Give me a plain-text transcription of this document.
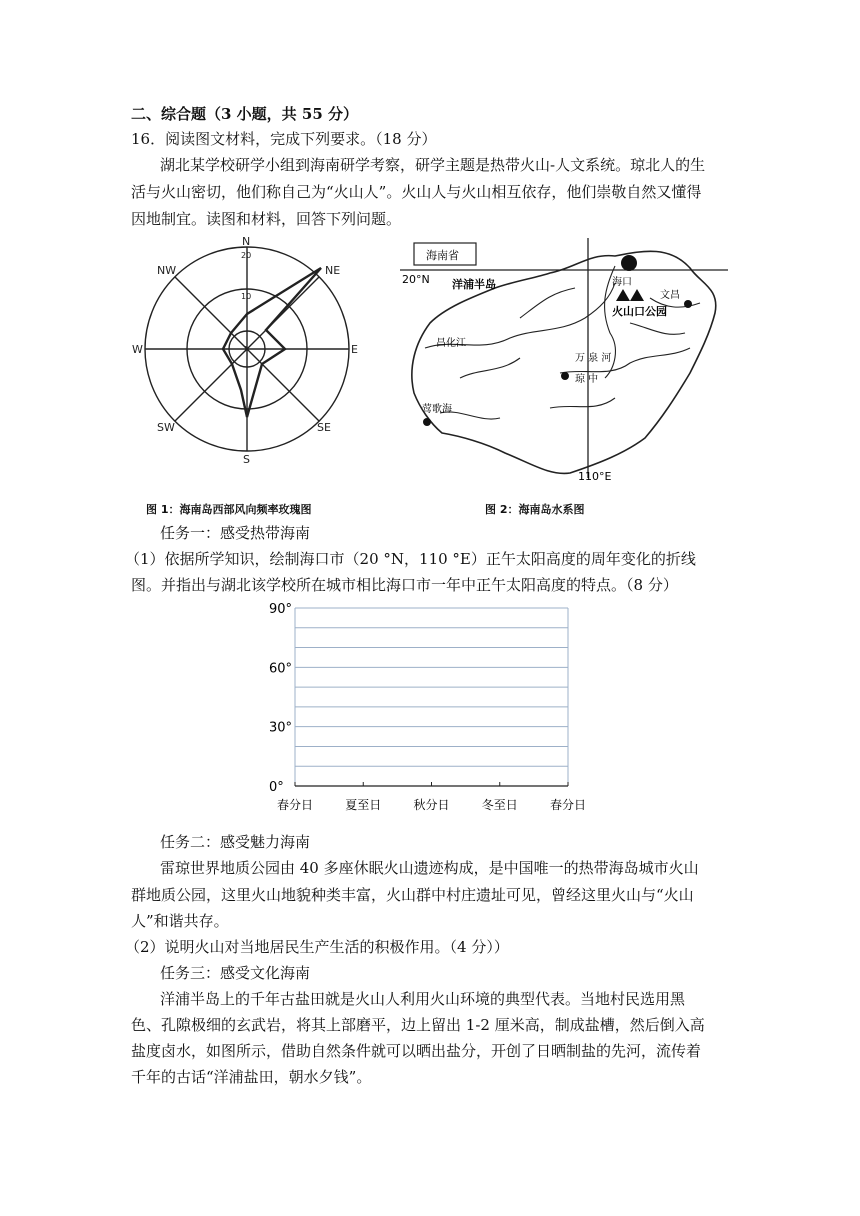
二、综合题（3 小题，共 55 分）
16．阅读图文材料，完成下列要求。（18 分）
湖北某学校研学小组到海南研学考察，研学主题是热带火山-人文系统。琼北人的生
活与火山密切，他们称自己为“火山人”。火山人与火山相互依存，他们崇敬自然又懂得
因地制宜。读图和材料，回答下列问题。
N
NE
E
SE
S
SW
W
NW
20
10
7
海南省
20°N
110°E
海口
火山口公园
文昌
洋浦半岛
昌化江
万 泉 河
琼 中
莺歌海
图 1：海南岛西部风向频率玫瑰图	图 2：海南岛水系图
任务一：感受热带海南
（1）依据所学知识，绘制海口市（20 °N，110 °E）正午太阳高度的周年变化的折线
图。并指出与湖北该学校所在城市相比海口市一年中正午太阳高度的特点。（8 分）
90°
60°
30°
0°
春分日	夏至日	秋分日	冬至日	春分日
任务二：感受魅力海南
雷琼世界地质公园由 40 多座休眠火山遗迹构成，是中国唯一的热带海岛城市火山
群地质公园，这里火山地貌种类丰富，火山群中村庄遗址可见，曾经这里火山与“火山
人”和谐共存。
（2）说明火山对当地居民生产生活的积极作用。（4 分））
任务三：感受文化海南
洋浦半岛上的千年古盐田就是火山人利用火山环境的典型代表。当地村民选用黑
色、孔隙极细的玄武岩，将其上部磨平，边上留出 1-2 厘米高，制成盐槽，然后倒入高
盐度卤水，如图所示，借助自然条件就可以晒出盐分，开创了日晒制盐的先河，流传着
千年的古话“洋浦盐田，朝水夕钱”。
